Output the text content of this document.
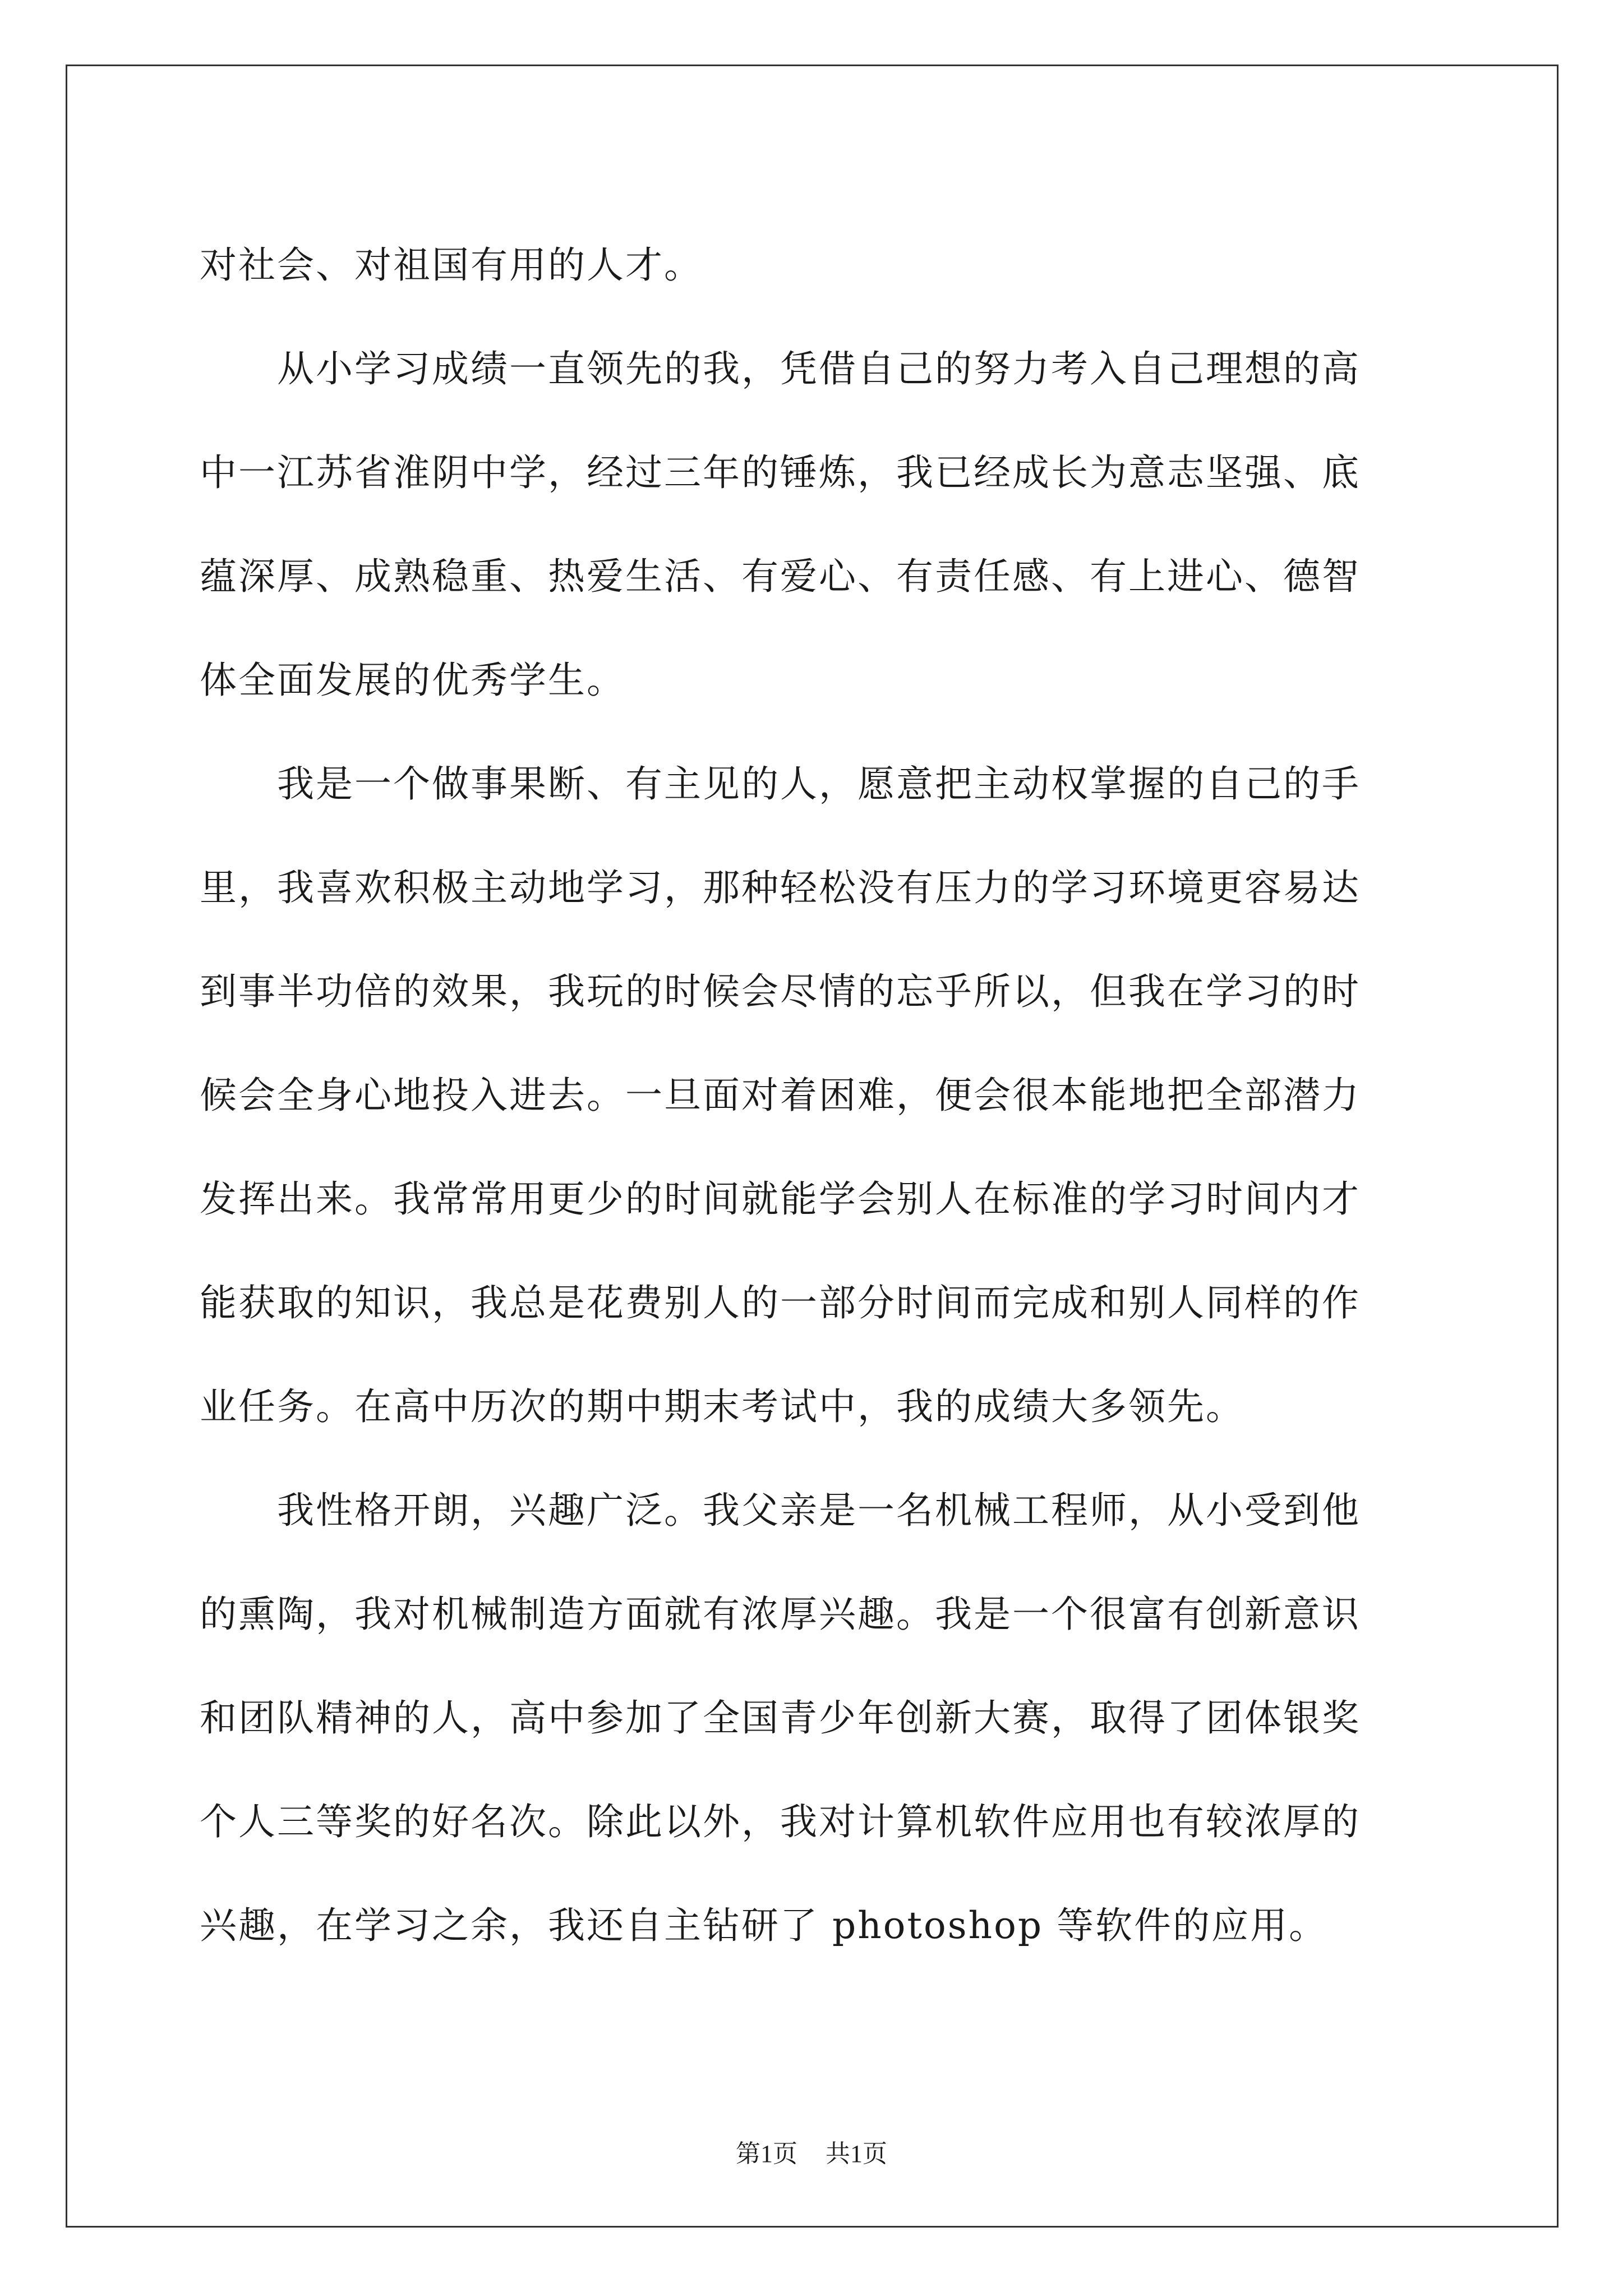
对社会、对祖国有用的人才。
　　从小学习成绩一直领先的我，凭借自己的努力考入自己理想的高
中一江苏省淮阴中学，经过三年的锤炼，我已经成长为意志坚强、底
蕴深厚、成熟稳重、热爱生活、有爱心、有责任感、有上进心、德智
体全面发展的优秀学生。
　　我是一个做事果断、有主见的人，愿意把主动权掌握的自己的手
里，我喜欢积极主动地学习，那种轻松没有压力的学习环境更容易达
到事半功倍的效果，我玩的时候会尽情的忘乎所以，但我在学习的时
候会全身心地投入进去。一旦面对着困难，便会很本能地把全部潜力
发挥出来。我常常用更少的时间就能学会别人在标准的学习时间内才
能获取的知识，我总是花费别人的一部分时间而完成和别人同样的作
业任务。在高中历次的期中期末考试中，我的成绩大多领先。
　　我性格开朗，兴趣广泛。我父亲是一名机械工程师，从小受到他
的熏陶，我对机械制造方面就有浓厚兴趣。我是一个很富有创新意识
和团队精神的人，高中参加了全国青少年创新大赛，取得了团体银奖
个人三等奖的好名次。除此以外，我对计算机软件应用也有较浓厚的
兴趣，在学习之余，我还自主钻研了 photoshop 等软件的应用。
第1页 共1页
